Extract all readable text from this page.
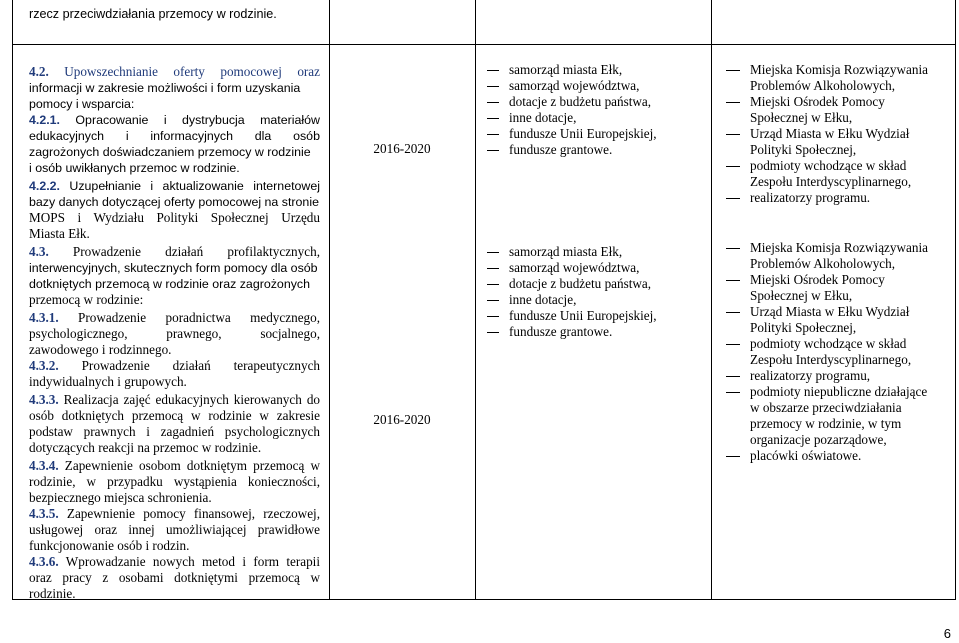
rzecz przeciwdziałania przemocy w rodzinie.
4.2. Upowszechnianie oferty pomocowej oraz
informacji w zakresie możliwości i form uzyskania
pomocy i wsparcia:
4.2.1. Opracowanie i dystrybucja materiałów
edukacyjnych i informacyjnych dla osób
zagrożonych doświadczaniem przemocy w rodzinie
i osób uwikłanych przemoc w rodzinie.
4.2.2. Uzupełnianie i aktualizowanie internetowej
bazy danych dotyczącej oferty pomocowej na stronie
MOPS i Wydziału Polityki Społecznej Urzędu
Miasta Ełk.
4.3. Prowadzenie działań profilaktycznych,
interwencyjnych, skutecznych form pomocy dla osób
dotkniętych przemocą w rodzinie oraz zagrożonych
przemocą w rodzinie:
4.3.1. Prowadzenie poradnictwa medycznego,
psychologicznego,	prawnego,	socjalnego,
zawodowego i rodzinnego.
4.3.2. Prowadzenie działań terapeutycznych
indywidualnych i grupowych.
4.3.3. Realizacja zajęć edukacyjnych kierowanych do
osób dotkniętych przemocą w rodzinie w zakresie
podstaw prawnych i zagadnień psychologicznych
dotyczących reakcji na przemoc w rodzinie.
4.3.4. Zapewnienie osobom dotkniętym przemocą w
rodzinie, w przypadku wystąpienia konieczności,
bezpiecznego miejsca schronienia.
4.3.5. Zapewnienie pomocy finansowej, rzeczowej,
usługowej oraz innej umożliwiającej prawidłowe
funkcjonowanie osób i rodzin.
4.3.6. Wprowadzanie nowych metod i form terapii
oraz pracy z osobami dotkniętymi przemocą w
rodzinie.
2016-2020
2016-2020
samorząd miasta Ełk,
samorząd województwa,
dotacje z budżetu państwa,
inne dotacje,
fundusze Unii Europejskiej,
fundusze grantowe.
samorząd miasta Ełk,
samorząd województwa,
dotacje z budżetu państwa,
inne dotacje,
fundusze Unii Europejskiej,
fundusze grantowe.
Miejska Komisja Rozwiązywania
Problemów Alkoholowych,
Miejski Ośrodek Pomocy
Społecznej w Ełku,
Urząd Miasta w Ełku Wydział
Polityki Społecznej,
podmioty wchodzące w skład
Zespołu Interdyscyplinarnego,
realizatorzy programu.
Miejska Komisja Rozwiązywania
Problemów Alkoholowych,
Miejski Ośrodek Pomocy
Społecznej w Ełku,
Urząd Miasta w Ełku Wydział
Polityki Społecznej,
podmioty wchodzące w skład
Zespołu Interdyscyplinarnego,
realizatorzy programu,
podmioty niepubliczne działające
w obszarze przeciwdziałania
przemocy w rodzinie, w tym
organizacje pozarządowe,
placówki oświatowe.
6
